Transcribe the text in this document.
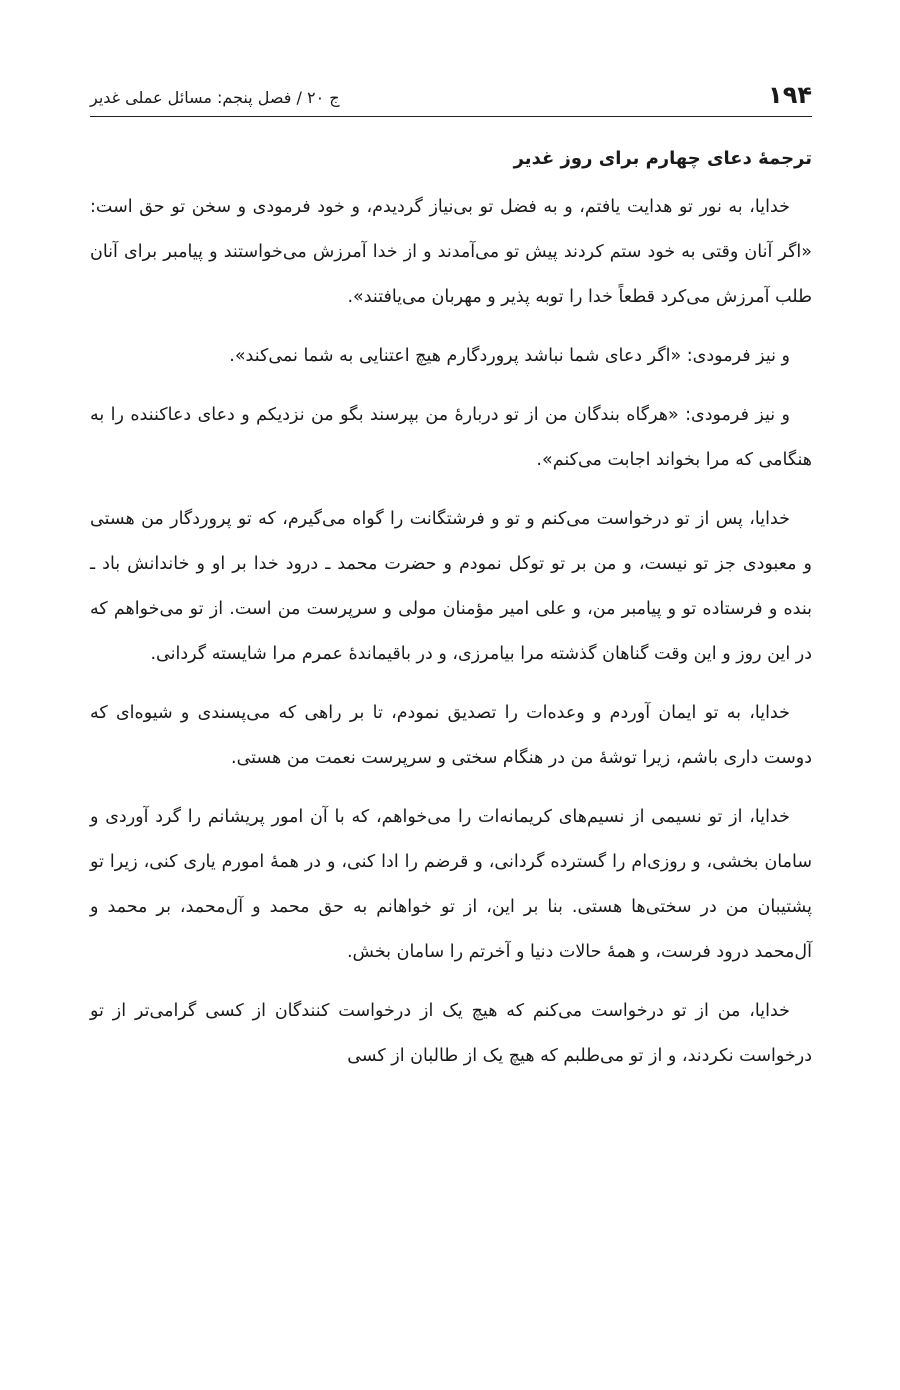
۱۹۴
ج ۲۰ / فصل پنجم: مسائل عملی غدیر
ترجمهٔ دعای چهارم برای روز غدیر

خدایا، به نور تو هدایت یافتم، و به فضل تو بی‌نیاز گردیدم، و خود فرمودی و سخن تو حق است: «اگر آنان وقتی به خود ستم کردند پیش تو می‌آمدند و از خدا آمرزش می‌خواستند و پیامبر برای آنان طلب آمرزش می‌کرد قطعاً خدا را توبه پذیر و مهربان می‌یافتند».

و نیز فرمودی: «اگر دعای شما نباشد پروردگارم هیچ اعتنایی به شما نمی‌کند».

و نیز فرمودی: «هرگاه بندگان من از تو دربارهٔ من بپرسند بگو من نزدیکم و دعای دعاکننده را به هنگامی که مرا بخواند اجابت می‌کنم».

خدایا، پس از تو درخواست می‌کنم و تو و فرشتگانت را گواه می‌گیرم، که تو پروردگار من هستی و معبودی جز تو نیست، و من بر تو توکل نمودم و حضرت محمد ـ درود خدا بر او و خاندانش باد ـ بنده و فرستاده تو و پیامبر من، و علی امیر مؤمنان مولی و سرپرست من است. از تو می‌خواهم که در این روز و این وقت گناهان گذشته مرا بیامرزی، و در باقیماندهٔ عمرم مرا شایسته گردانی.

خدایا، به تو ایمان آوردم و وعده‌ات را تصدیق نمودم، تا بر راهی که می‌پسندی و شیوه‌ای که دوست داری باشم، زیرا توشهٔ من در هنگام سختی و سرپرست نعمت من هستی.

خدایا، از تو نسیمی از نسیم‌های کریمانه‌ات را می‌خواهم، که با آن امور پریشانم را گرد آوردی و سامان بخشی، و روزی‌ام را گسترده گردانی، و قرضم را ادا کنی، و در همهٔ امورم یاری کنی، زیرا تو پشتیبان من در سختی‌ها هستی. بنا بر این، از تو خواهانم به حق محمد و آل‌محمد، بر محمد و آل‌محمد درود فرست، و همهٔ حالات دنیا و آخرتم را سامان بخش.

خدایا، من از تو درخواست می‌کنم که هیچ یک از درخواست کنندگان از کسی گرامی‌تر از تو درخواست نکردند، و از تو می‌طلبم که هیچ یک از طالبان از کسی
